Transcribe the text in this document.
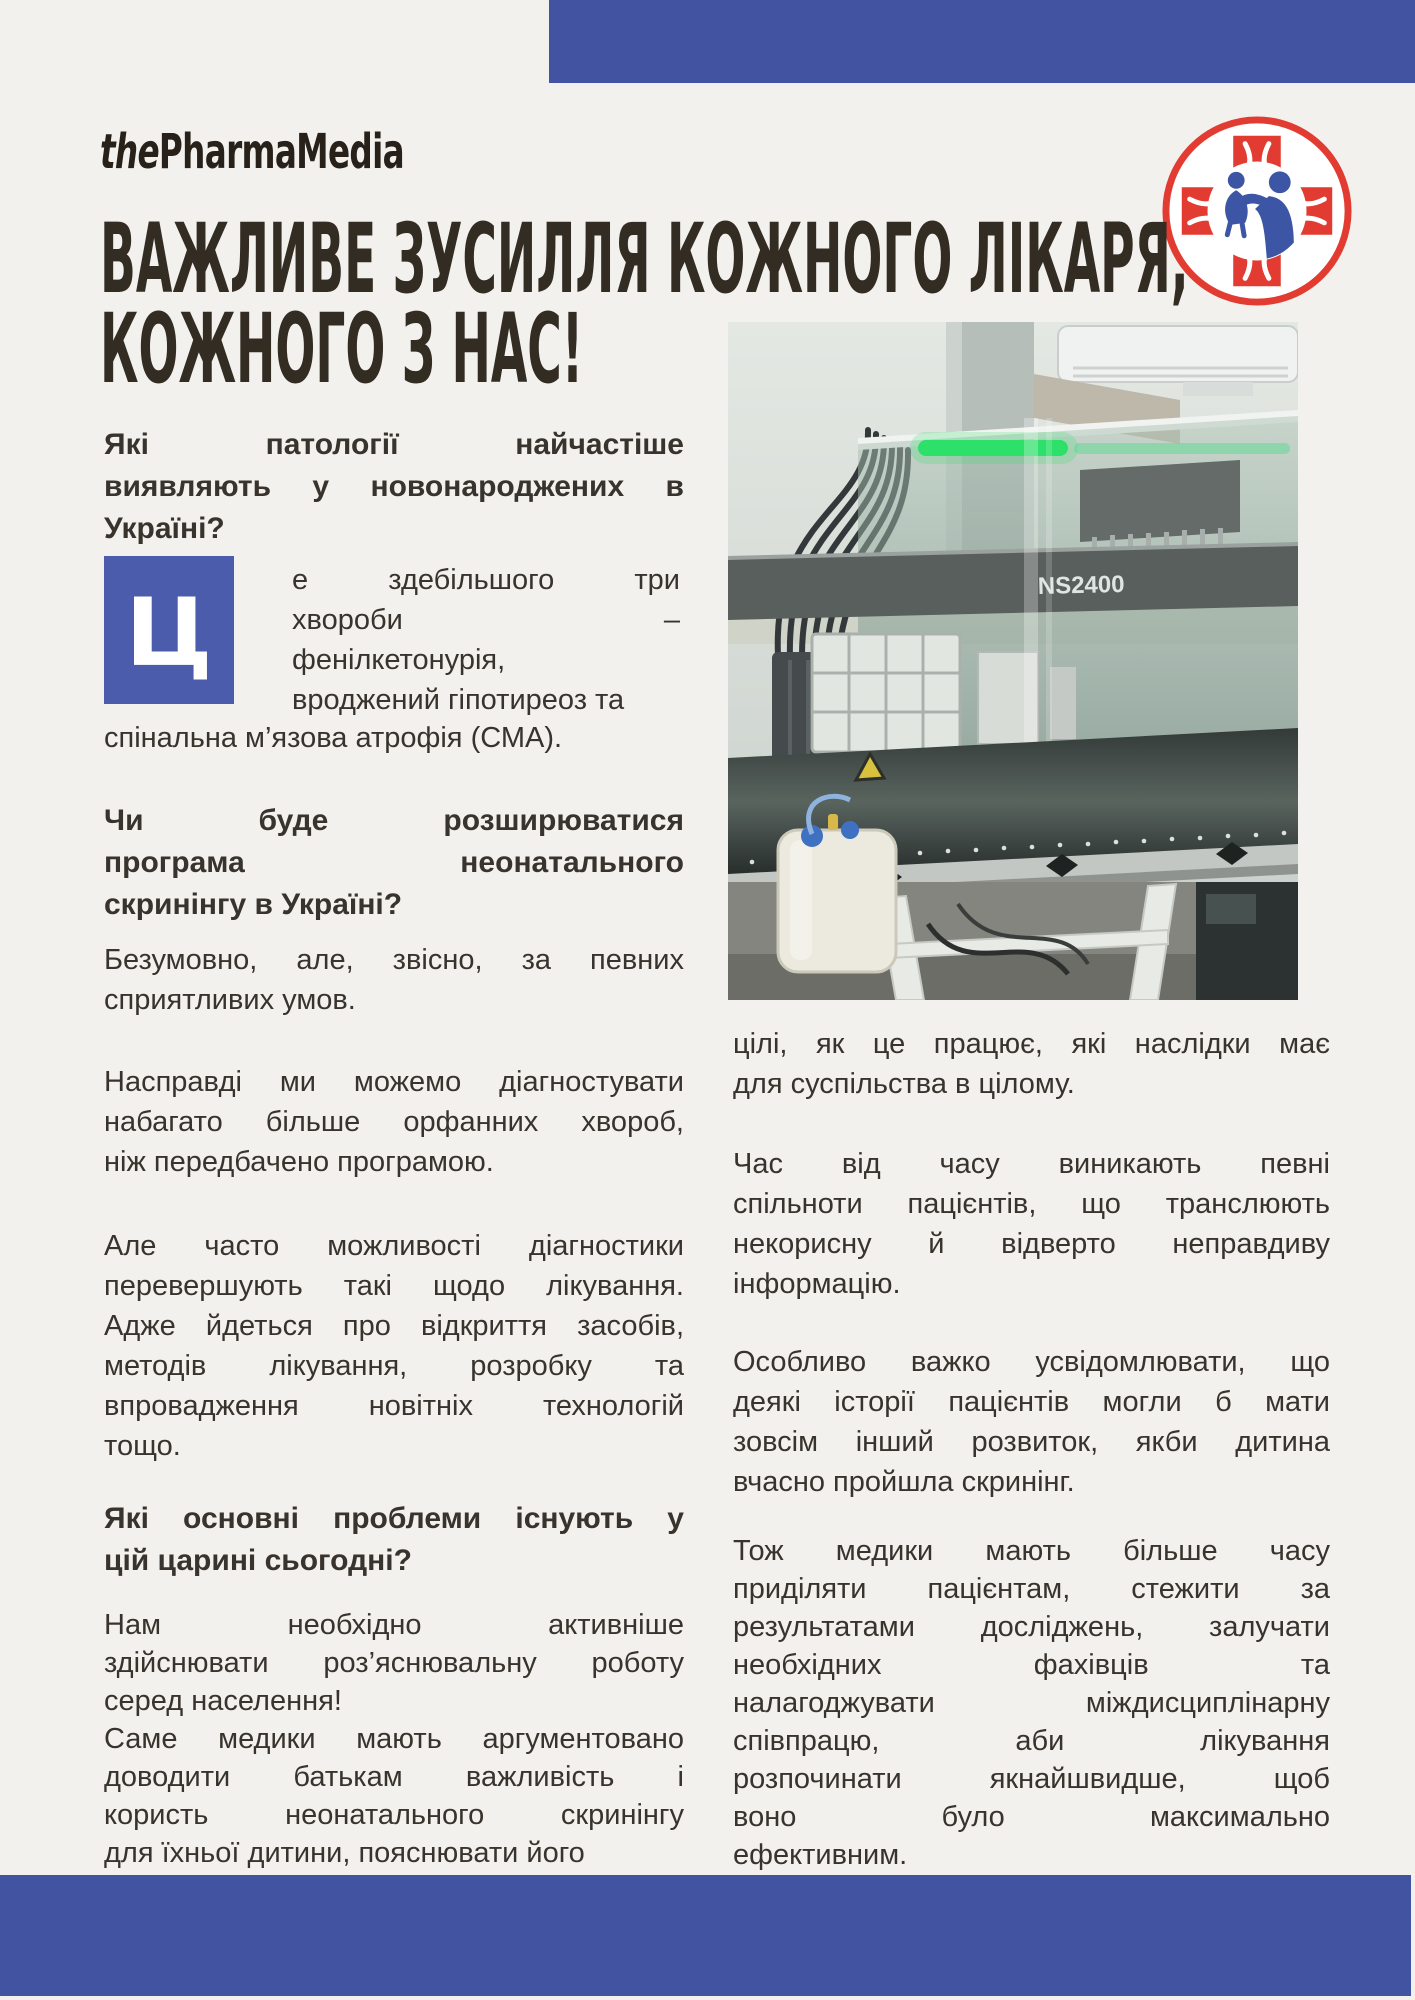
thePharmaMedia
ВАЖЛИВЕ ЗУСИЛЛЯ КОЖНОГО ЛІКАРЯ,
КОЖНОГО З НАС!
Які патології найчастіше
виявляють у новонароджених в
Україні?
Ц	е здебільшого три
хвороби –
фенілкетонурія,
вроджений гіпотиреоз та
спінальна м’язова атрофія (СМА).
Чи буде розширюватися
програма неонатального
скринінгу в Україні?
Безумовно, але, звісно, за певних
сприятливих умов.
Насправді ми можемо діагностувати
набагато більше орфанних хвороб,
ніж передбачено програмою.
Але часто можливості діагностики
перевершують такі щодо лікування.
Адже йдеться про відкриття засобів,
методів лікування, розробку та
впровадження новітніх технологій
тощо.
Які основні проблеми існують у
цій царині сьогодні?
Нам необхідно активніше
здійснювати роз’яснювальну роботу
серед населення!
Саме медики мають аргументовано
доводити батькам важливість і
користь неонатального скринінгу
для їхньої дитини, пояснювати його
NS2400
цілі, як це працює, які наслідки має
для суспільства в цілому.
Час від часу виникають певні
спільноти пацієнтів, що транслюють
некорисну й відверто неправдиву
інформацію.
Особливо важко усвідомлювати, що
деякі історії пацієнтів могли б мати
зовсім інший розвиток, якби дитина
вчасно пройшла скринінг.
Тож медики мають більше часу
приділяти пацієнтам, стежити за
результатами досліджень, залучати
необхідних фахівців та
налагоджувати міждисциплінарну
співпрацю, аби лікування
розпочинати якнайшвидше, щоб
воно було максимально
ефективним.
